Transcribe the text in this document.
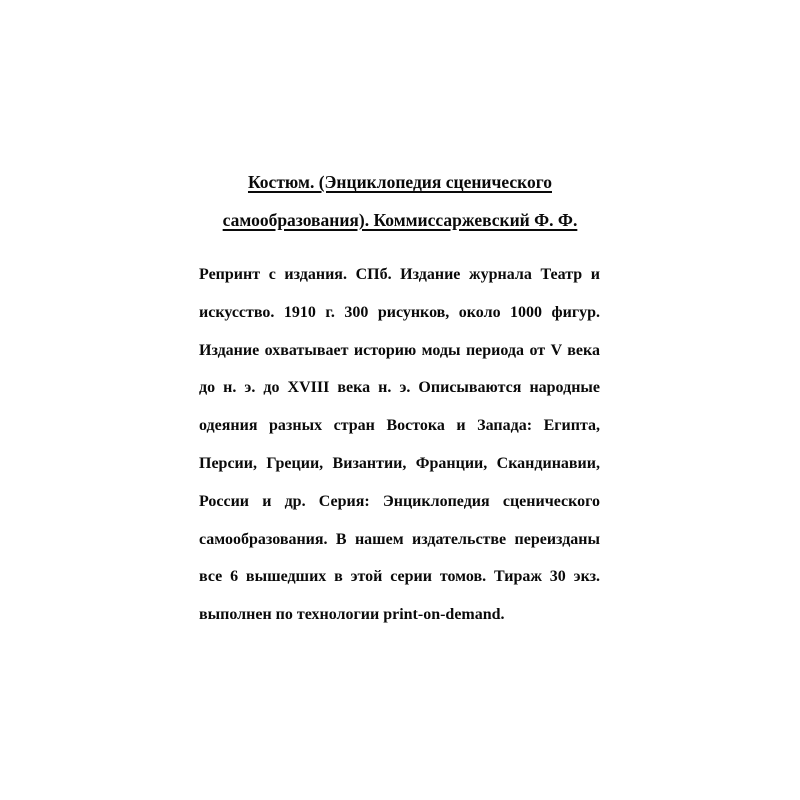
Костюм. (Энциклопедия сценического
самообразования). Коммиссаржевский Ф. Ф.
Репринт с издания. СПб. Издание журнала Театр и
искусство. 1910 г. 300 рисунков, около 1000 фигур.
Издание охватывает историю моды периода от V века
до н. э. до XVIII века н. э. Описываются народные
одеяния разных стран Востока и Запада: Египта,
Персии, Греции, Византии, Франции, Скандинавии,
России и др. Серия: Энциклопедия сценического
самообразования. В нашем издательстве переизданы
все 6 вышедших в этой серии томов. Тираж 30 экз.
выполнен по технологии print-on-demand.
